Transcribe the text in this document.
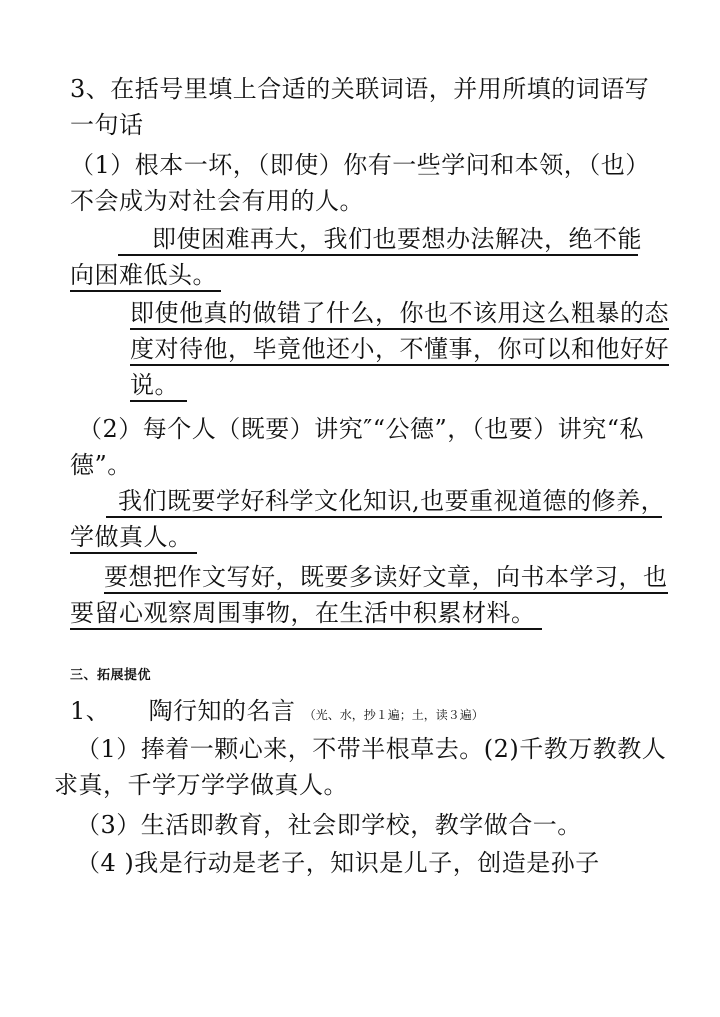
3、在括号里填上合适的关联词语，并用所填的词语写
一句话
（1）根本一坏，（即使）你有一些学问和本领，（也）
不会成为对社会有用的人。
即使困难再大，我们也要想办法解决，绝不能
向困难低头。
即使他真的做错了什么，你也不该用这么粗暴的态
度对待他，毕竟他还小，不懂事，你可以和他好好
说。
（2）每个人（既要）讲究″“公德”，（也要）讲究“私
德”。
我们既要学好科学文化知识,也要重视道德的修养，
学做真人。
要想把作文写好，既要多读好文章，向书本学习，也
要留心观察周围事物，在生活中积累材料。
三、拓展提优
1、 陶行知的名言 （光、水，抄１遍；土，读３遍）
（1）捧着一颗心来，不带半根草去。(2)千教万教教人
求真，千学万学学做真人。
（3）生活即教育，社会即学校，教学做合一。
（4 )我是行动是老子，知识是儿子，创造是孙子
